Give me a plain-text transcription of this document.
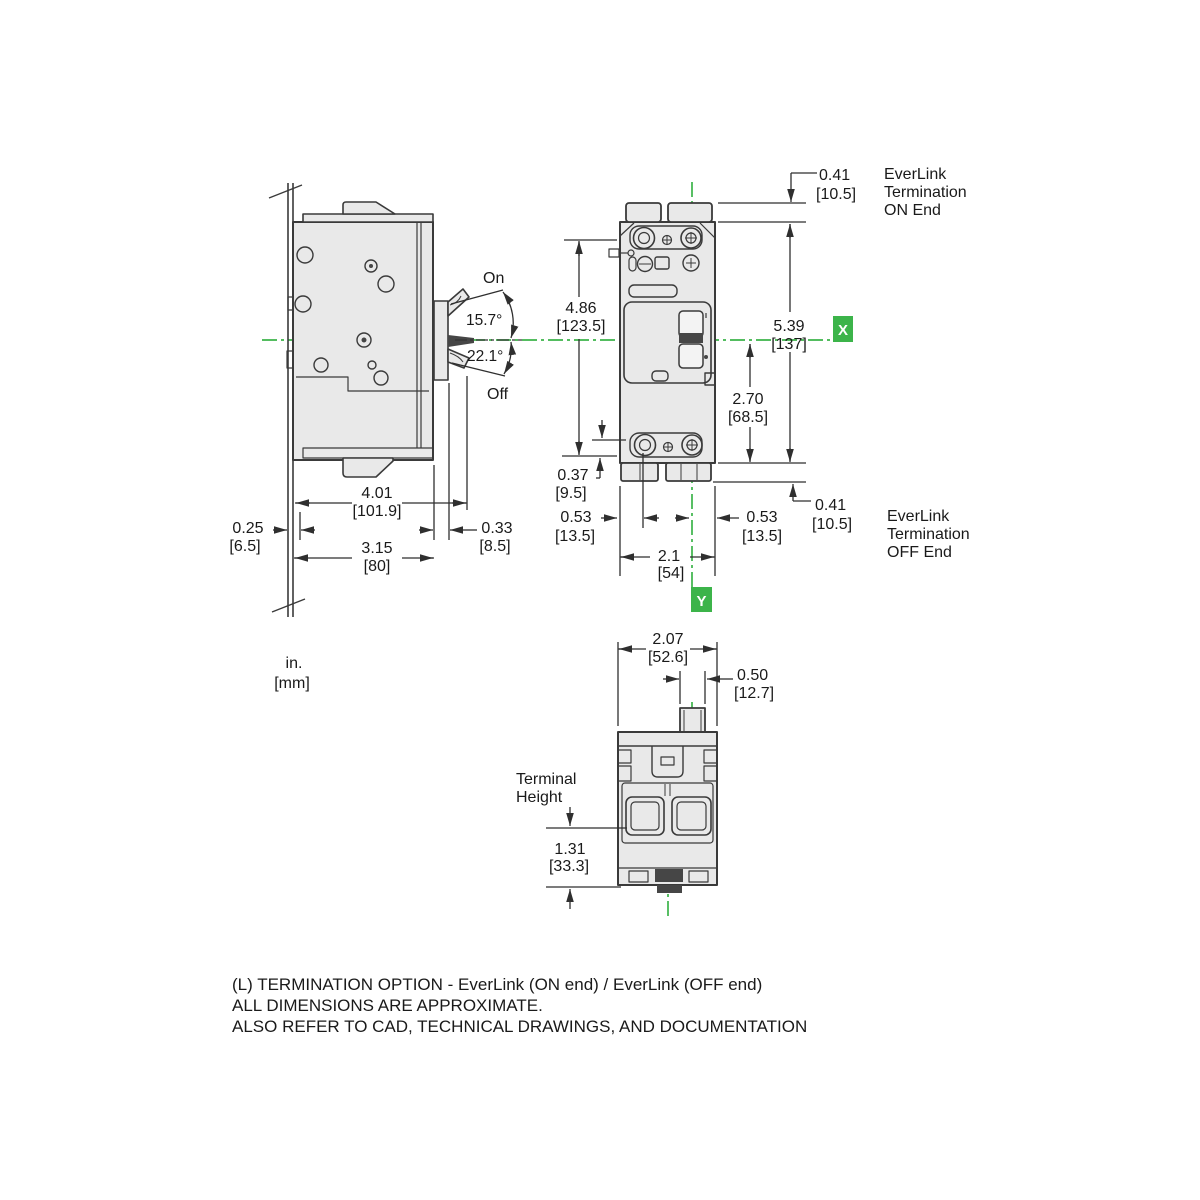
On
15.7°
22.1°
Off
4.01
[101.9]
0.25
[6.5]	3.15
[80]
0.33
[8.5]
in.
[mm]
0.41
[10.5]
4.86
[123.5]	5.39
[137]
2.70
[68.5]
0.37
[9.5]
0.53
[13.5]
0.53
[13.5]
2.1
[54]
0.41
[10.5]
EverLink
Termination
ON End
EverLink
Termination
OFF End
X
Y
2.07
[52.6]
0.50
[12.7]
Terminal
Height
1.31
[33.3]
(L) TERMINATION OPTION - EverLink (ON end) / EverLink (OFF end)
ALL DIMENSIONS ARE APPROXIMATE.
ALSO REFER TO CAD, TECHNICAL DRAWINGS, AND DOCUMENTATION
